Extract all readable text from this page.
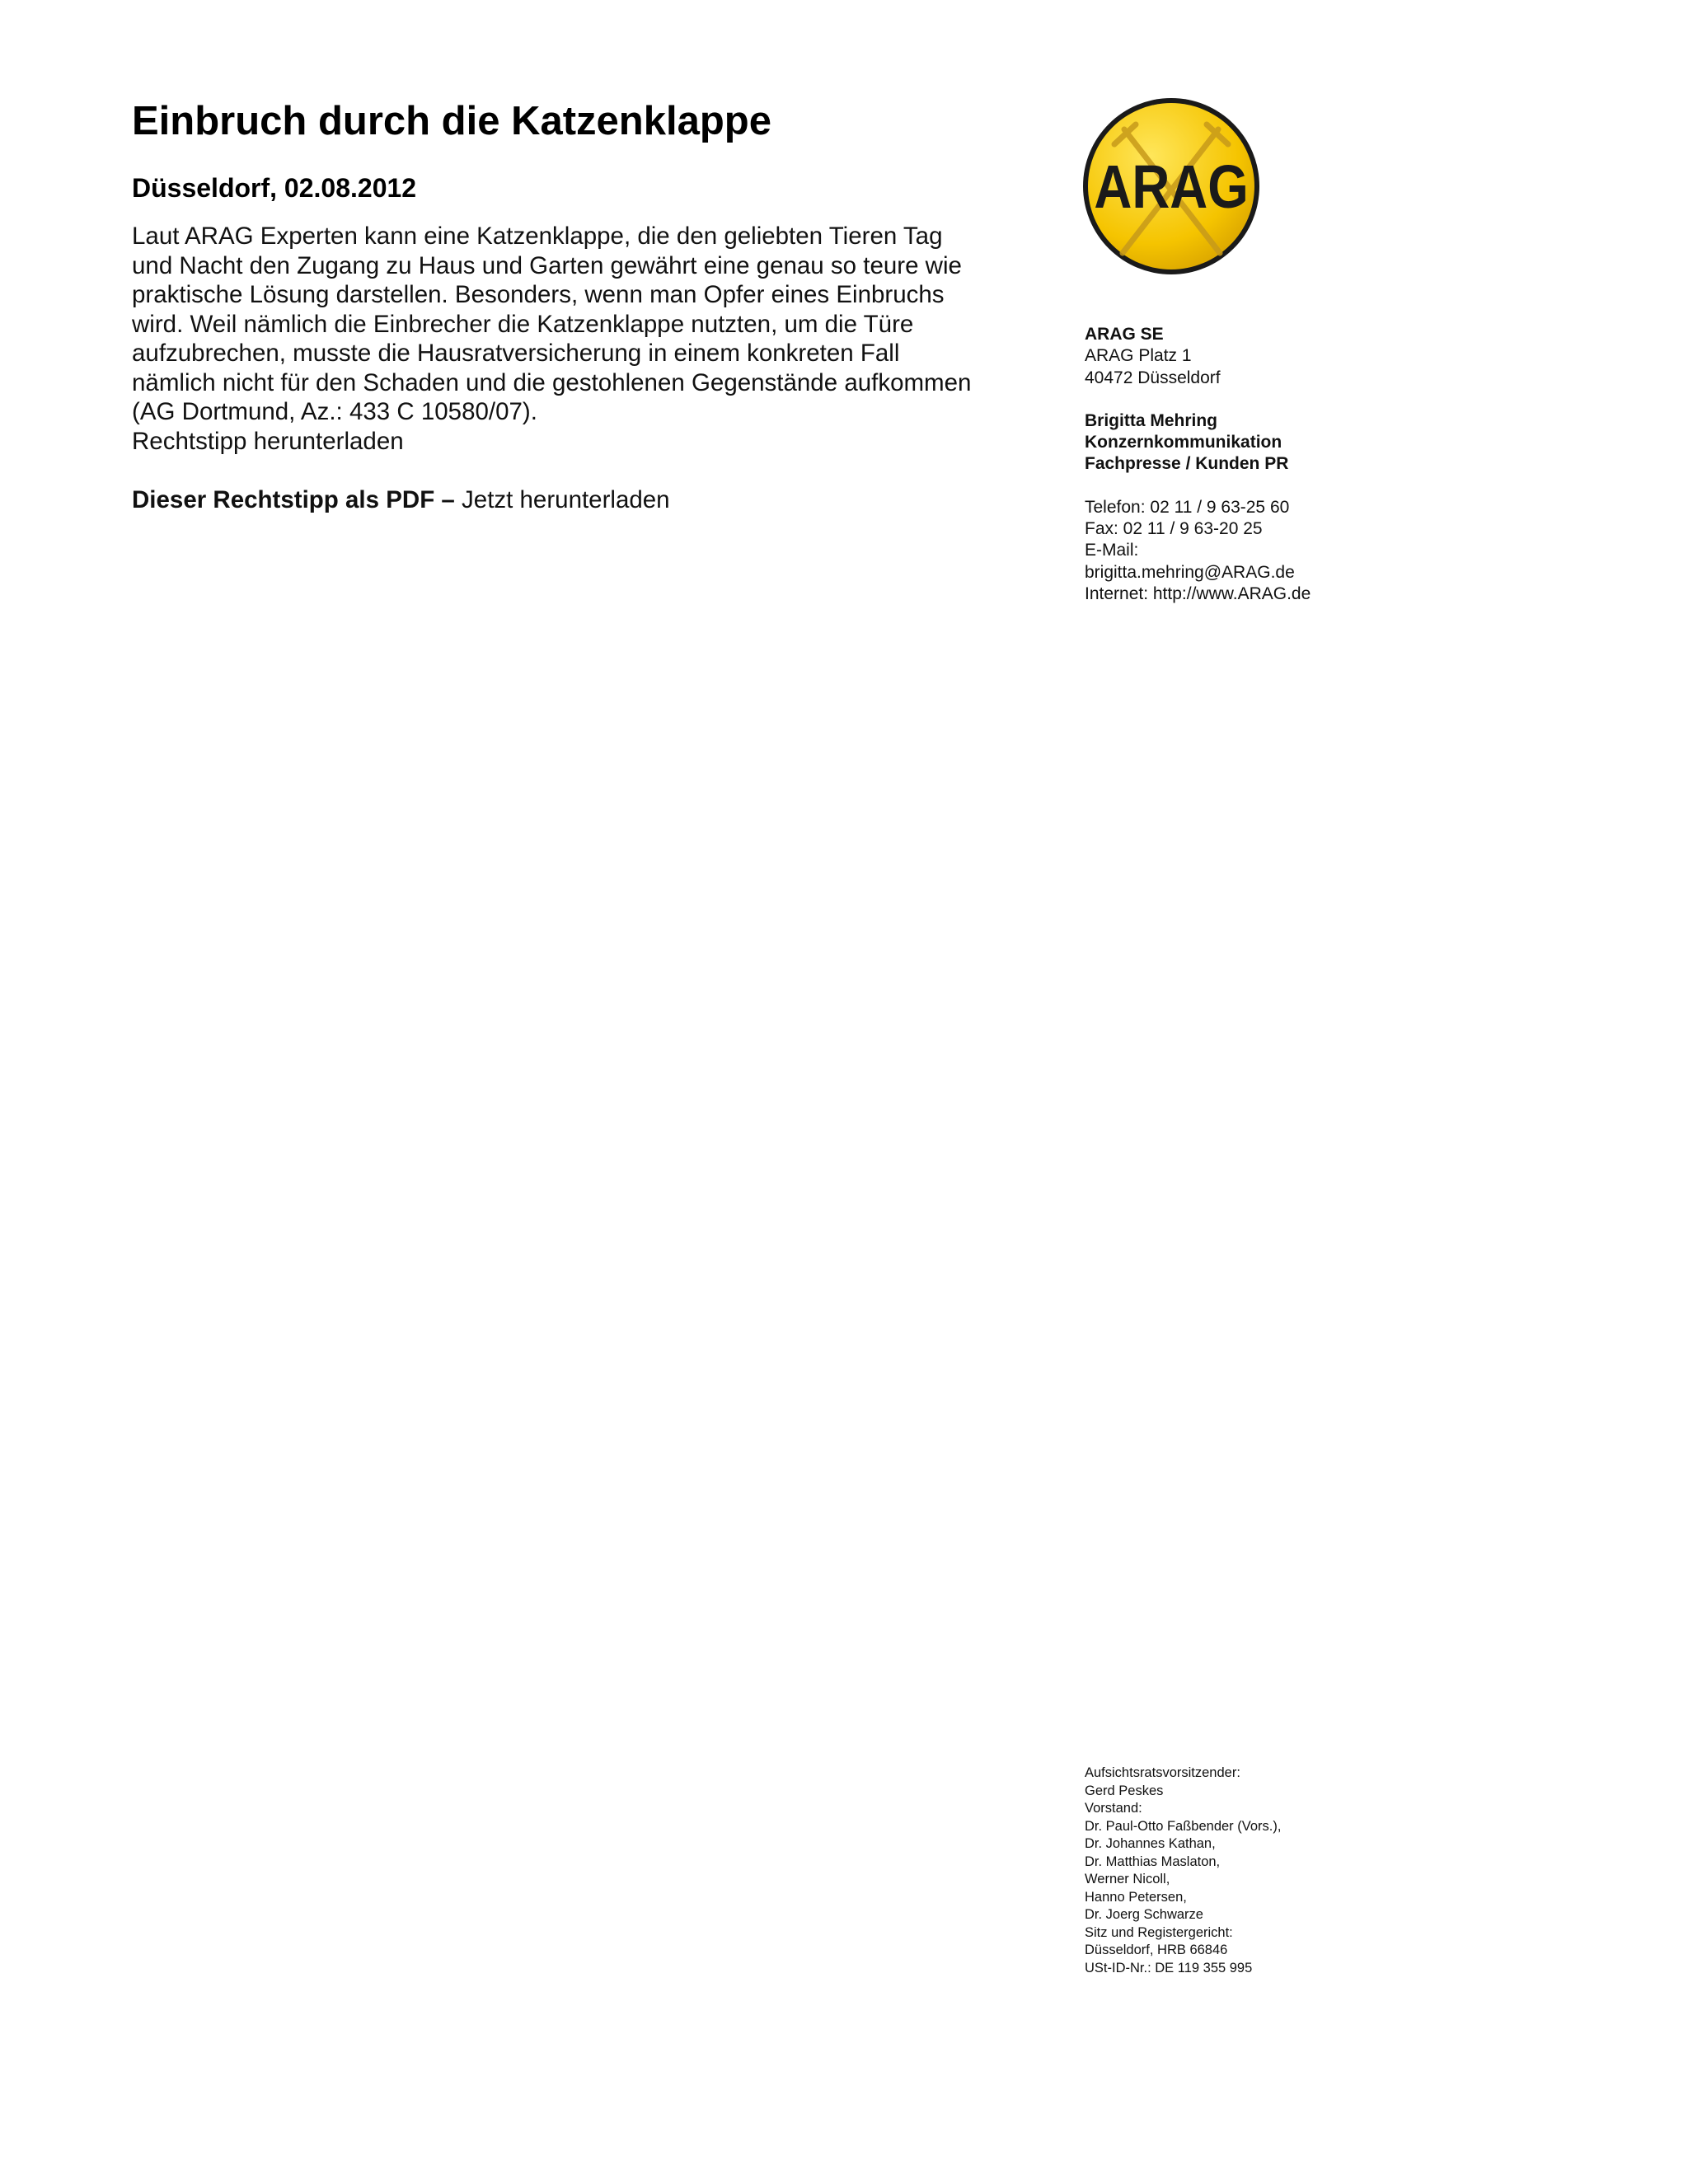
Einbruch durch die Katzenklappe
Düsseldorf, 02.08.2012
Laut ARAG Experten kann eine Katzenklappe, die den geliebten Tieren Tag
und Nacht den Zugang zu Haus und Garten gewährt eine genau so teure wie
praktische Lösung darstellen. Besonders, wenn man Opfer eines Einbruchs
wird. Weil nämlich die Einbrecher die Katzenklappe nutzten, um die Türe
aufzubrechen, musste die Hausratversicherung in einem konkreten Fall
nämlich nicht für den Schaden und die gestohlenen Gegenstände aufkommen
(AG Dortmund, Az.: 433 C 10580/07).
Rechtstipp herunterladen
Dieser Rechtstipp als PDF – Jetzt herunterladen
ARAG
ARAG SE
ARAG Platz 1
40472 Düsseldorf
Brigitta Mehring
Konzernkommunikation
Fachpresse / Kunden PR
Telefon: 02 11 / 9 63-25 60
Fax: 02 11 / 9 63-20 25
E-Mail:
brigitta.mehring@ARAG.de
Internet: http://www.ARAG.de
Aufsichtsratsvorsitzender:
Gerd Peskes
Vorstand:
Dr. Paul-Otto Faßbender (Vors.),
Dr. Johannes Kathan,
Dr. Matthias Maslaton,
Werner Nicoll,
Hanno Petersen,
Dr. Joerg Schwarze
Sitz und Registergericht:
Düsseldorf, HRB 66846
USt-ID-Nr.: DE 119 355 995
